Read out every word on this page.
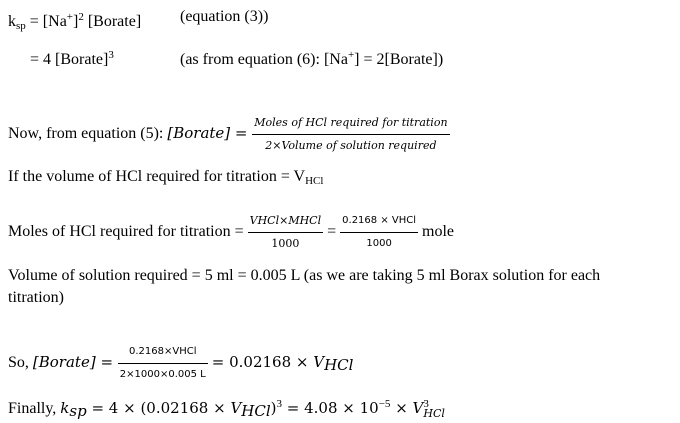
$k_{sp} = [Na^+]^2$ [Borate] (equation (3))
= 4 [Borate]$^3$	(as from equation (6): [Na+] = 2[Borate])
Now, from equation (5): [Borate] = $\frac{\text{Moles of HCl required for titration}}{\text{2×Volume of solution required}}$
If the volume of HCl required for titration = $V_{HCl}$
Moles of HCl required for titration = $\frac{\text{VHCl×MHCl}}{1000} = \frac{\text{0.2168 × VHCl}}{1000}$ mole
Volume of solution required = 5 ml = 0.005 L (as we are taking 5 ml Borax solution for each
titration)
So, [Borate] = $\frac{\text{0.2168×VHCl}}{2\times 1000\times 0.005 L} = 0.02168$ × VHCl
Finally, ksp = 4 × (0.02168 × VHCl)$^3$ = $4.08 \times 10^{-5} \times V$ 3
HCl
